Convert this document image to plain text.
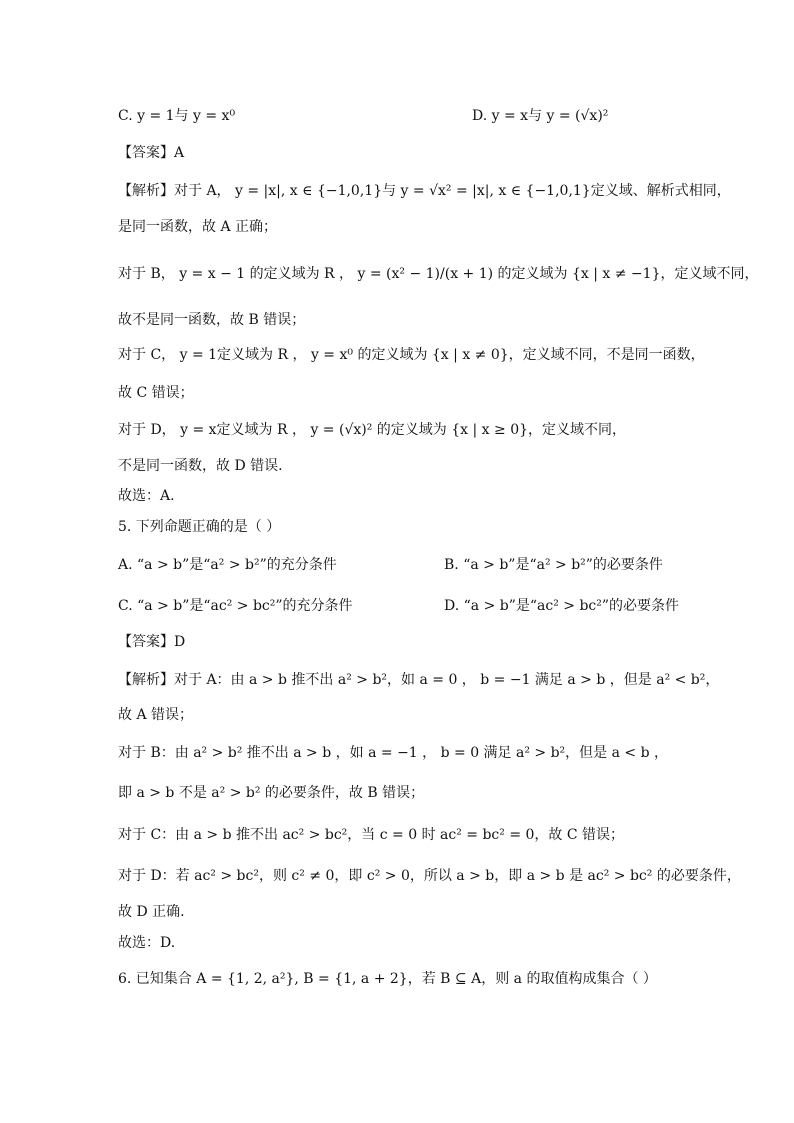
C. y = 1与 y = x⁰	D. y = x与 y = (√x)²
【答案】A
【解析】对于 A， y = |x|, x ∈ {−1,0,1}与 y = √x² = |x|, x ∈ {−1,0,1}定义域、解析式相同，
是同一函数，故 A 正确；
对于 B， y = x − 1 的定义域为 R ， y = (x² − 1)/(x + 1) 的定义域为 {x | x ≠ −1}，定义域不同，
故不是同一函数，故 B 错误；
对于 C， y = 1定义域为 R ， y = x⁰ 的定义域为 {x | x ≠ 0}，定义域不同，不是同一函数，
故 C 错误；
对于 D， y = x定义域为 R ， y = (√x)² 的定义域为 {x | x ≥ 0}，定义域不同，
不是同一函数，故 D 错误.
故选：A.
5. 下列命题正确的是（ ）
A. “a > b”是“a² > b²”的充分条件	B. “a > b”是“a² > b²”的必要条件
C. “a > b”是“ac² > bc²”的充分条件	D. “a > b”是“ac² > bc²”的必要条件
【答案】D
【解析】对于 A：由 a > b 推不出 a² > b²，如 a = 0 ， b = −1 满足 a > b ，但是 a² < b²，
故 A 错误；
对于 B：由 a² > b² 推不出 a > b ，如 a = −1 ， b = 0 满足 a² > b²，但是 a < b ，
即 a > b 不是 a² > b² 的必要条件，故 B 错误；
对于 C：由 a > b 推不出 ac² > bc²，当 c = 0 时 ac² = bc² = 0，故 C 错误；
对于 D：若 ac² > bc²，则 c² ≠ 0，即 c² > 0，所以 a > b，即 a > b 是 ac² > bc² 的必要条件，
故 D 正确.
故选：D.
6. 已知集合 A = {1, 2, a²}, B = {1, a + 2}，若 B ⊆ A，则 a 的取值构成集合（ ）
